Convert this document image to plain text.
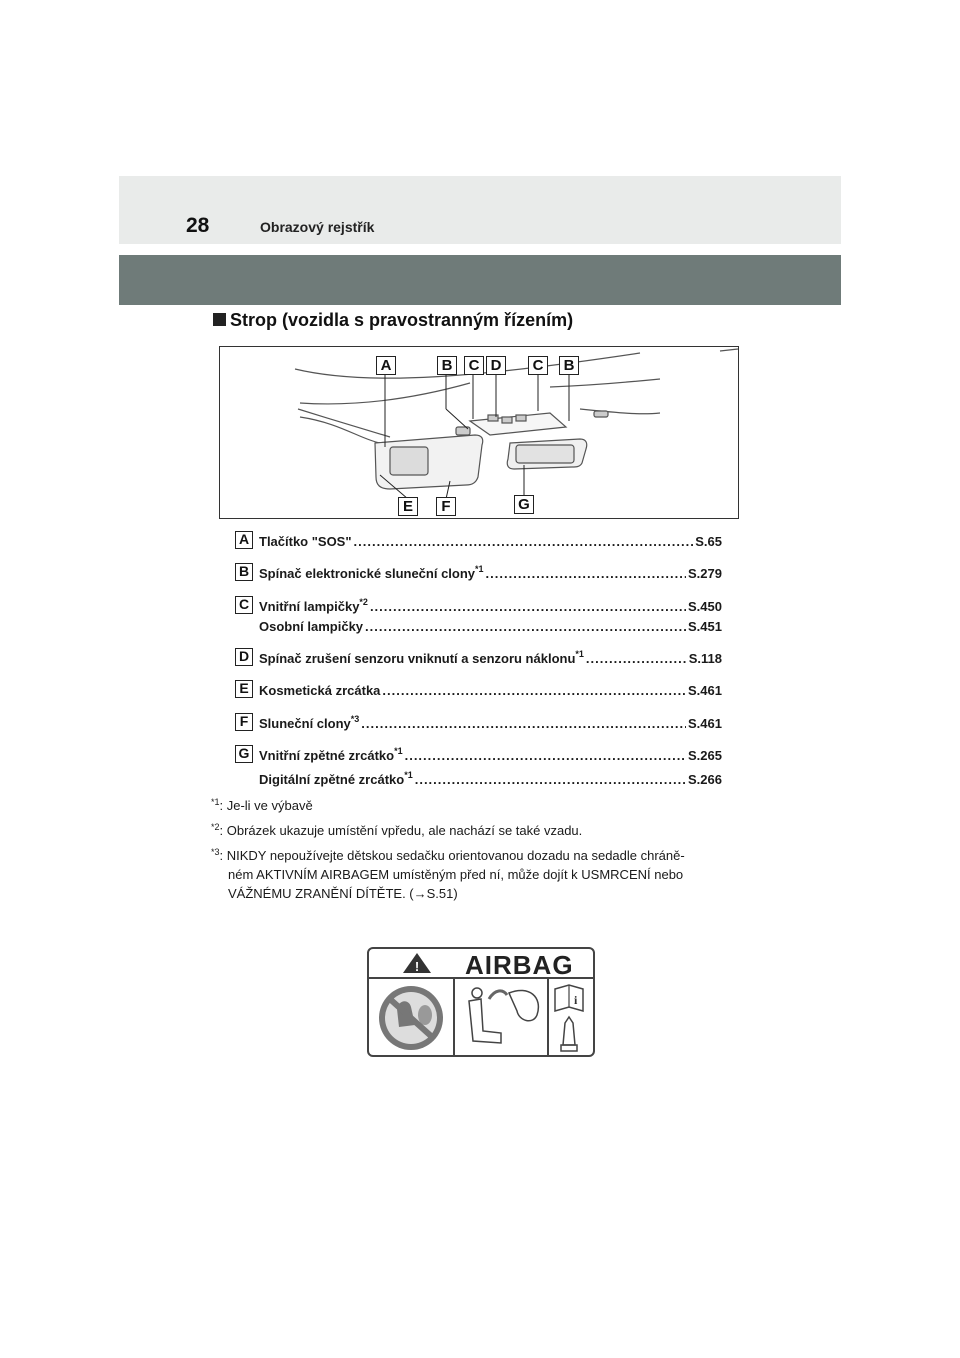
28	Obrazový rejstřík
Strop (vozidla s pravostranným řízením)
A	B	C D	C	B
E	F	G
A Tlačítko "SOS" .....	S.65
B Spínač elektronické sluneční clony$^{*1}$ .....	S.279
C Vnitřní lampičky$^{*2}$ .....	S.450
Osobní lampičky .....	S.451
D Spínač zrušení senzoru vniknutí a senzoru náklonu$^{*1}$ .....	S.118
E Kosmetická zrcátka .....	S.461
F Sluneční clony$^{*3}$ .....	S.461
G Vnitřní zpětné zrcátko$^{*1}$ .....	S.265
Digitální zpětné zrcátko$^{*1}$ .....	S.266
$^{*1}$: Je-li ve výbavě
$^{*2}$: Obrázek ukazuje umístění vpředu, ale nachází se také vzadu.
$^{*3}$: NIKDY nepoužívejte dětskou sedačku orientovanou dozadu na sedadle chráně-
ném AKTIVNÍM AIRBAGEM umístěným před ní, může dojít k USMRCENÍ nebo
VÁŽNÉMU ZRANĚNÍ DÍTĚTE. (→S.51)
!
i
AIRBAG
